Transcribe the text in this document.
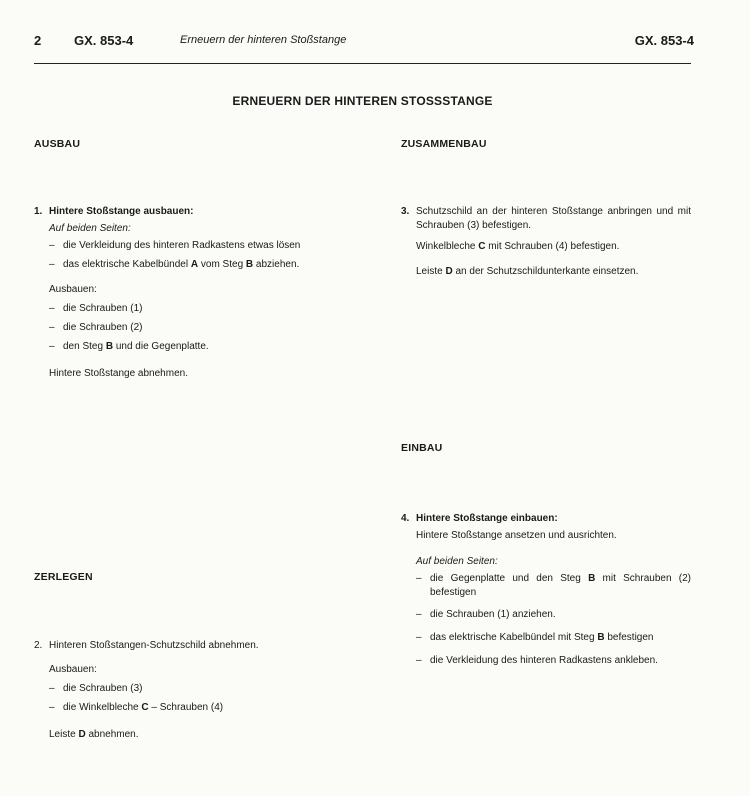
2	GX. 853-4	Erneuern der hinteren Stoßstange	GX. 853-4
ERNEUERN DER HINTEREN STOSSSTANGE
AUSBAU
1. Hintere Stoßstange ausbauen:
Auf beiden Seiten:
– die Verkleidung des hinteren Radkastens etwas lösen
– das elektrische Kabelbündel A vom Steg B abziehen.
Ausbauen:
– die Schrauben (1)
– die Schrauben (2)
– den Steg B und die Gegenplatte.
Hintere Stoßstange abnehmen.
ZERLEGEN
2. Hinteren Stoßstangen-Schutzschild abnehmen.
Ausbauen:
– die Schrauben (3)
– die Winkelbleche C – Schrauben (4)
Leiste D abnehmen.
ZUSAMMENBAU
3. Schutzschild an der hinteren Stoßstange anbringen und mit Schrauben (3) befestigen.
Winkelbleche C mit Schrauben (4) befestigen.
Leiste D an der Schutzschildunterkante einsetzen.
EINBAU
4. Hintere Stoßstange einbauen:
Hintere Stoßstange ansetzen und ausrichten.
Auf beiden Seiten:
– die Gegenplatte und den Steg B mit Schrauben (2) befestigen
– die Schrauben (1) anziehen.
– das elektrische Kabelbündel mit Steg B befestigen
– die Verkleidung des hinteren Radkastens ankleben.
